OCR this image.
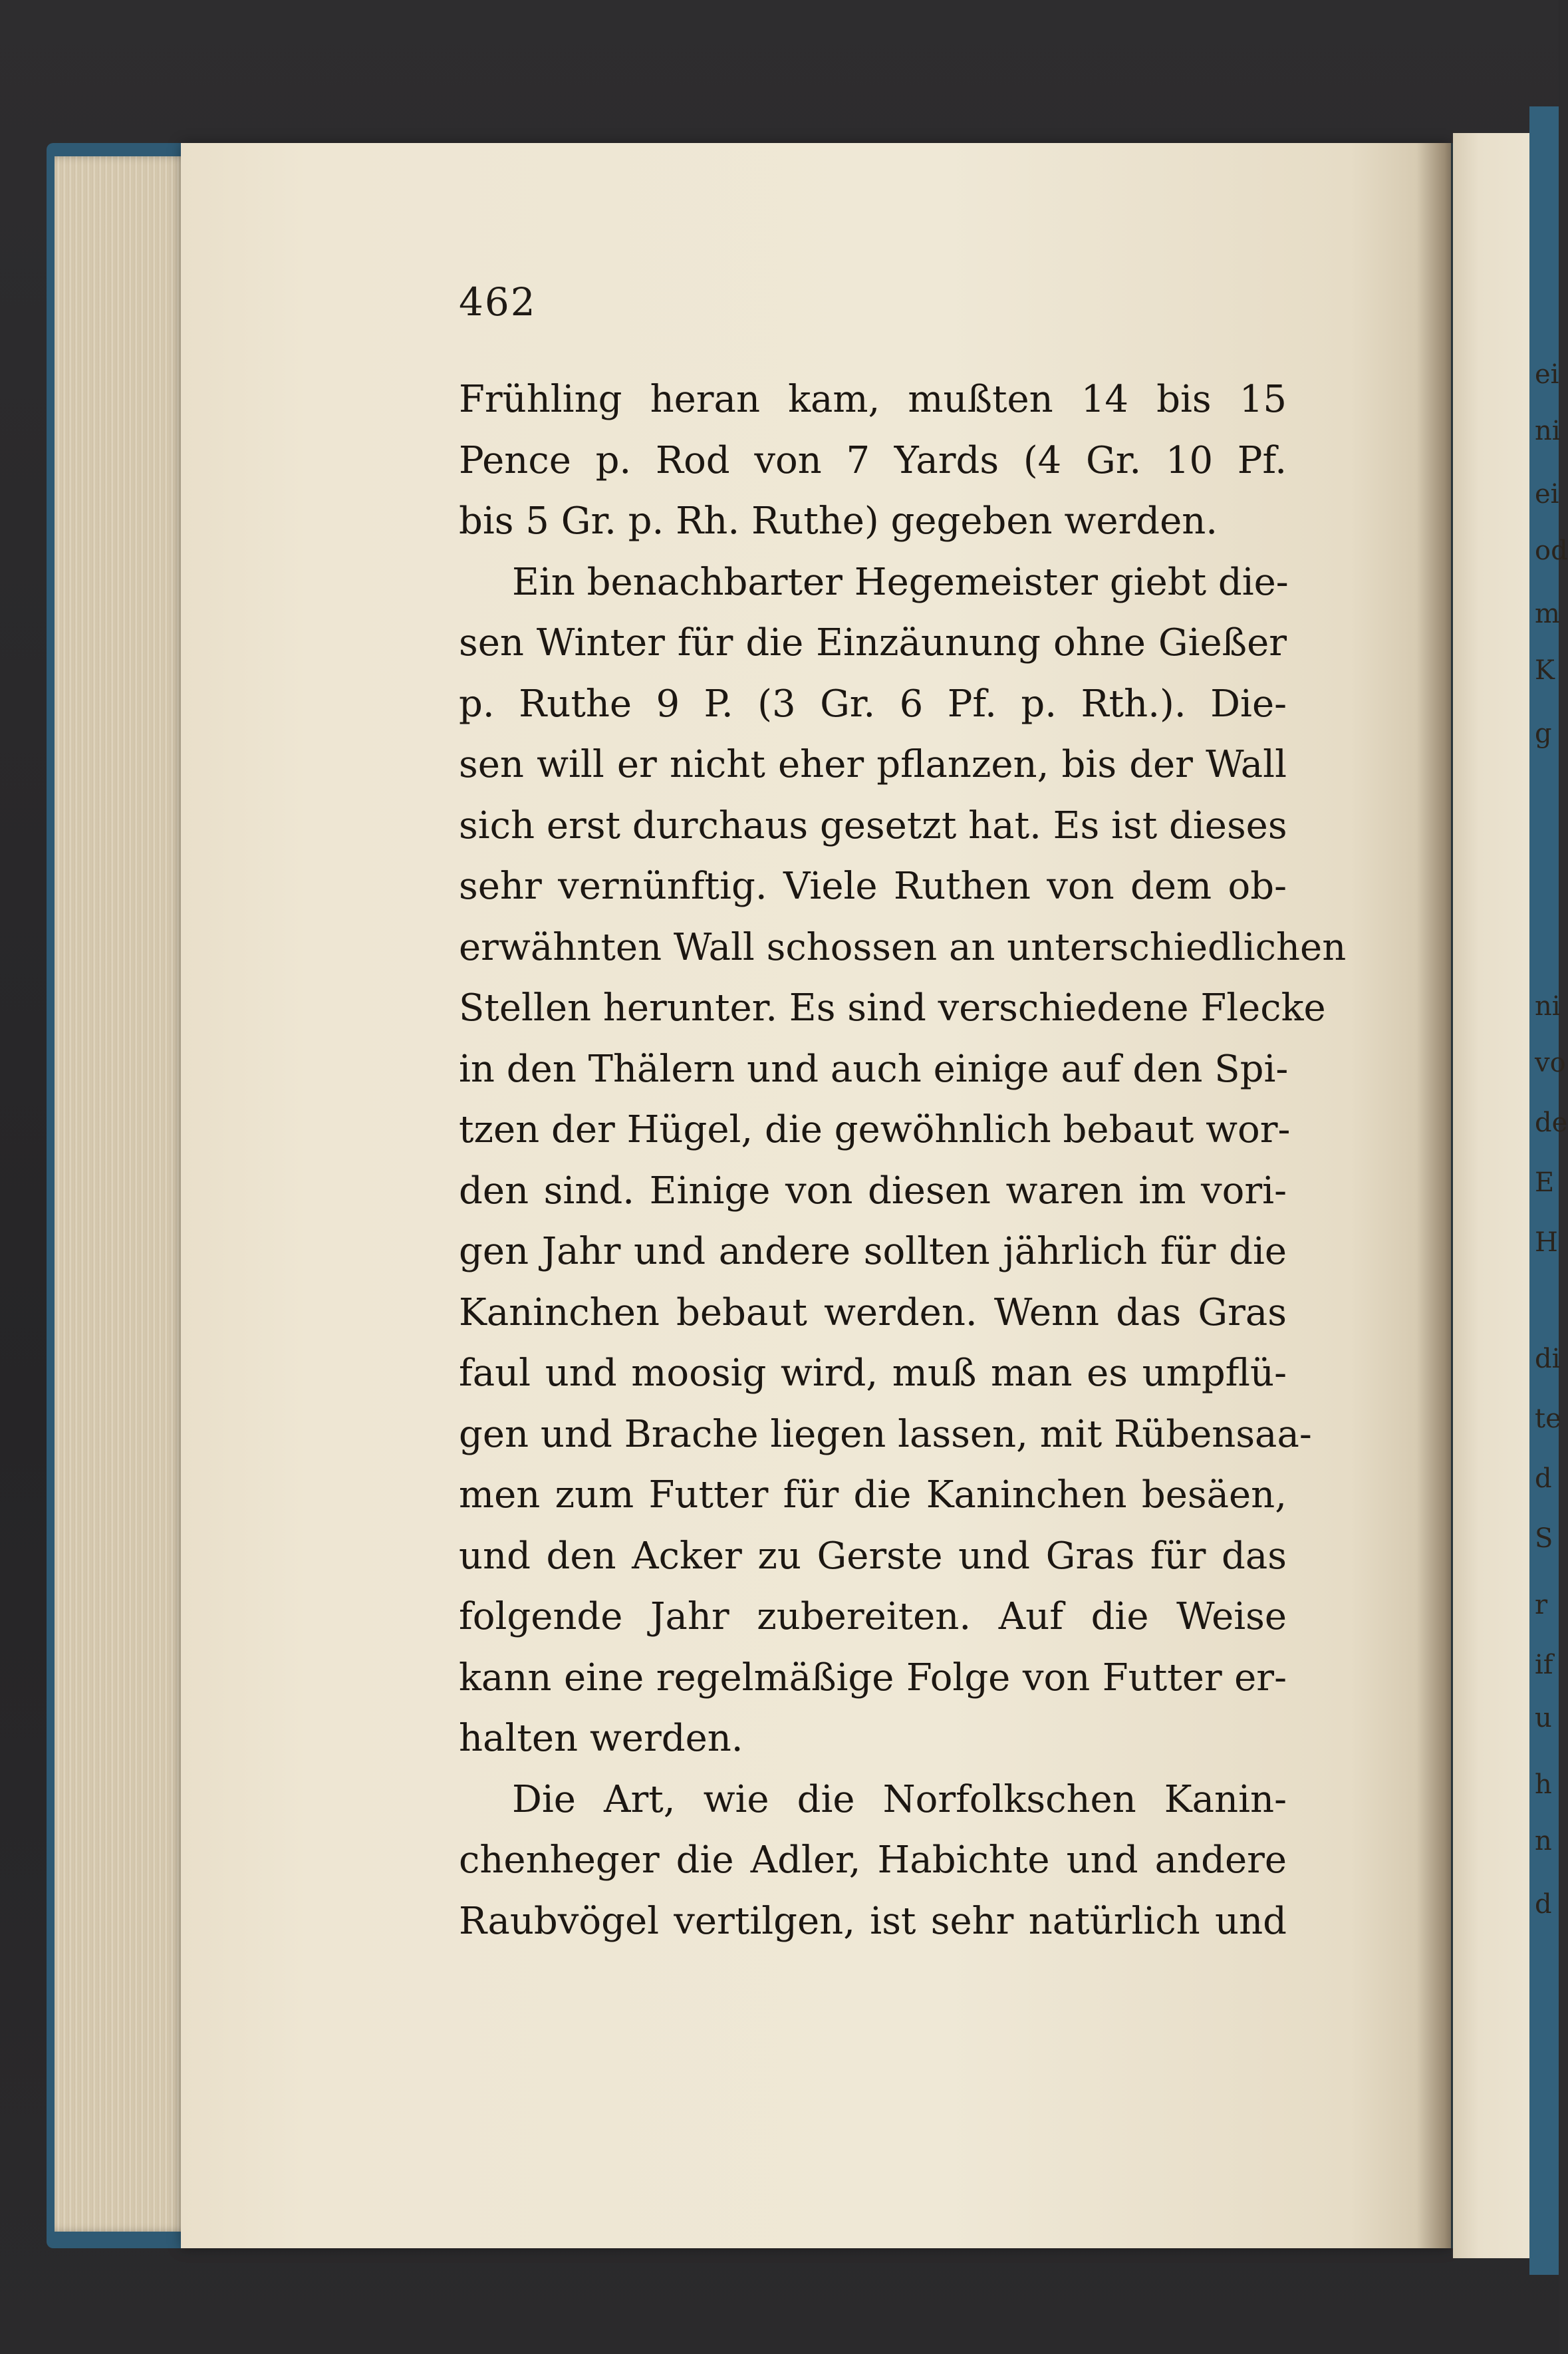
462
Frühling heran kam, mußten 14 bis 15
Pence p. Rod von 7 Yards (4 Gr. 10 Pf.
bis 5 Gr. p. Rh. Ruthe) gegeben werden.
Ein benachbarter Hegemeister giebt die-
sen Winter für die Einzäunung ohne Gießer
p. Ruthe 9 P. (3 Gr. 6 Pf. p. Rth.). Die-
sen will er nicht eher pflanzen, bis der Wall
sich erst durchaus gesetzt hat. Es ist dieses
sehr vernünftig. Viele Ruthen von dem ob-
erwähnten Wall schossen an unterschiedlichen
Stellen herunter. Es sind verschiedene Flecke
in den Thälern und auch einige auf den Spi-
tzen der Hügel, die gewöhnlich bebaut wor-
den sind. Einige von diesen waren im vori-
gen Jahr und andere sollten jährlich für die
Kaninchen bebaut werden. Wenn das Gras
faul und moosig wird, muß man es umpflü-
gen und Brache liegen lassen, mit Rübensaa-
men zum Futter für die Kaninchen besäen,
und den Acker zu Gerste und Gras für das
folgende Jahr zubereiten. Auf die Weise
kann eine regelmäßige Folge von Futter er-
halten werden.
Die Art, wie die Norfolkschen Kanin-
chenheger die Adler, Habichte und andere
Raubvögel vertilgen, ist sehr natürlich und
ei
ni
ei
od
m
K
g
ni
vo
de
E
H
di
te
d
S
r
if
u
h
n
d
